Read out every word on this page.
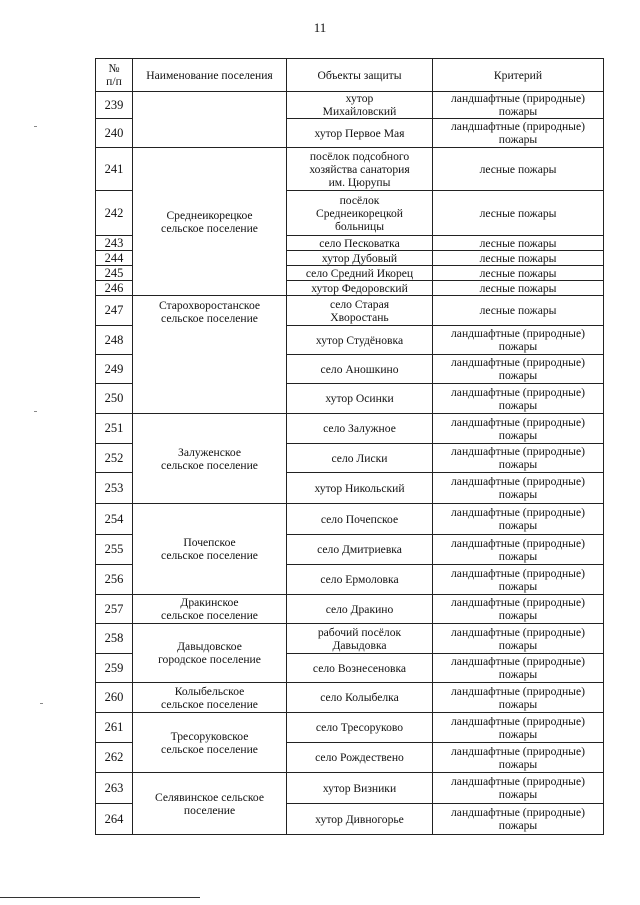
11
№
п/п	Наименование поселения	Объекты защиты	Критерий
239		хутор
Михайловский	ландшафтные (природные)
пожары
240		хутор Первое Мая	ландшафтные (природные)
пожары
241	Среднеикорецкое
сельское поселение	посёлок подсобного
хозяйства санатория
им. Цюрупы	лесные пожары
242		посёлок
Среднеикорецкой
больницы	лесные пожары
243		село Песковатка	лесные пожары
244		хутор Дубовый	лесные пожары
245		село Средний Икорец	лесные пожары
246		хутор Федоровский	лесные пожары
247	Старохворостанское
сельское поселение	село Старая
Хворостань	лесные пожары
248		хутор Студёновка	ландшафтные (природные)
пожары
249		село Аношкино	ландшафтные (природные)
пожары
250		хутор Осинки	ландшафтные (природные)
пожары
251	Залуженское
сельское поселение	село Залужное	ландшафтные (природные)
пожары
252		село Лиски	ландшафтные (природные)
пожары
253		хутор Никольский	ландшафтные (природные)
пожары
254	Почепское
сельское поселение	село Почепское	ландшафтные (природные)
пожары
255		село Дмитриевка	ландшафтные (природные)
пожары
256		село Ермоловка	ландшафтные (природные)
пожары
257	Дракинское
сельское поселение	село Дракино	ландшафтные (природные)
пожары
258	Давыдовское
городское поселение	рабочий посёлок
Давыдовка	ландшафтные (природные)
пожары
259		село Вознесеновка	ландшафтные (природные)
пожары
260	Колыбельское
сельское поселение	село Колыбелка	ландшафтные (природные)
пожары
261	Тресоруковское
сельское поселение	село Тресоруково	ландшафтные (природные)
пожары
262		село Рождествено	ландшафтные (природные)
пожары
263	Селявинское сельское
поселение	хутор Визники	ландшафтные (природные)
пожары
264		хутор Дивногорье	ландшафтные (природные)
пожары
